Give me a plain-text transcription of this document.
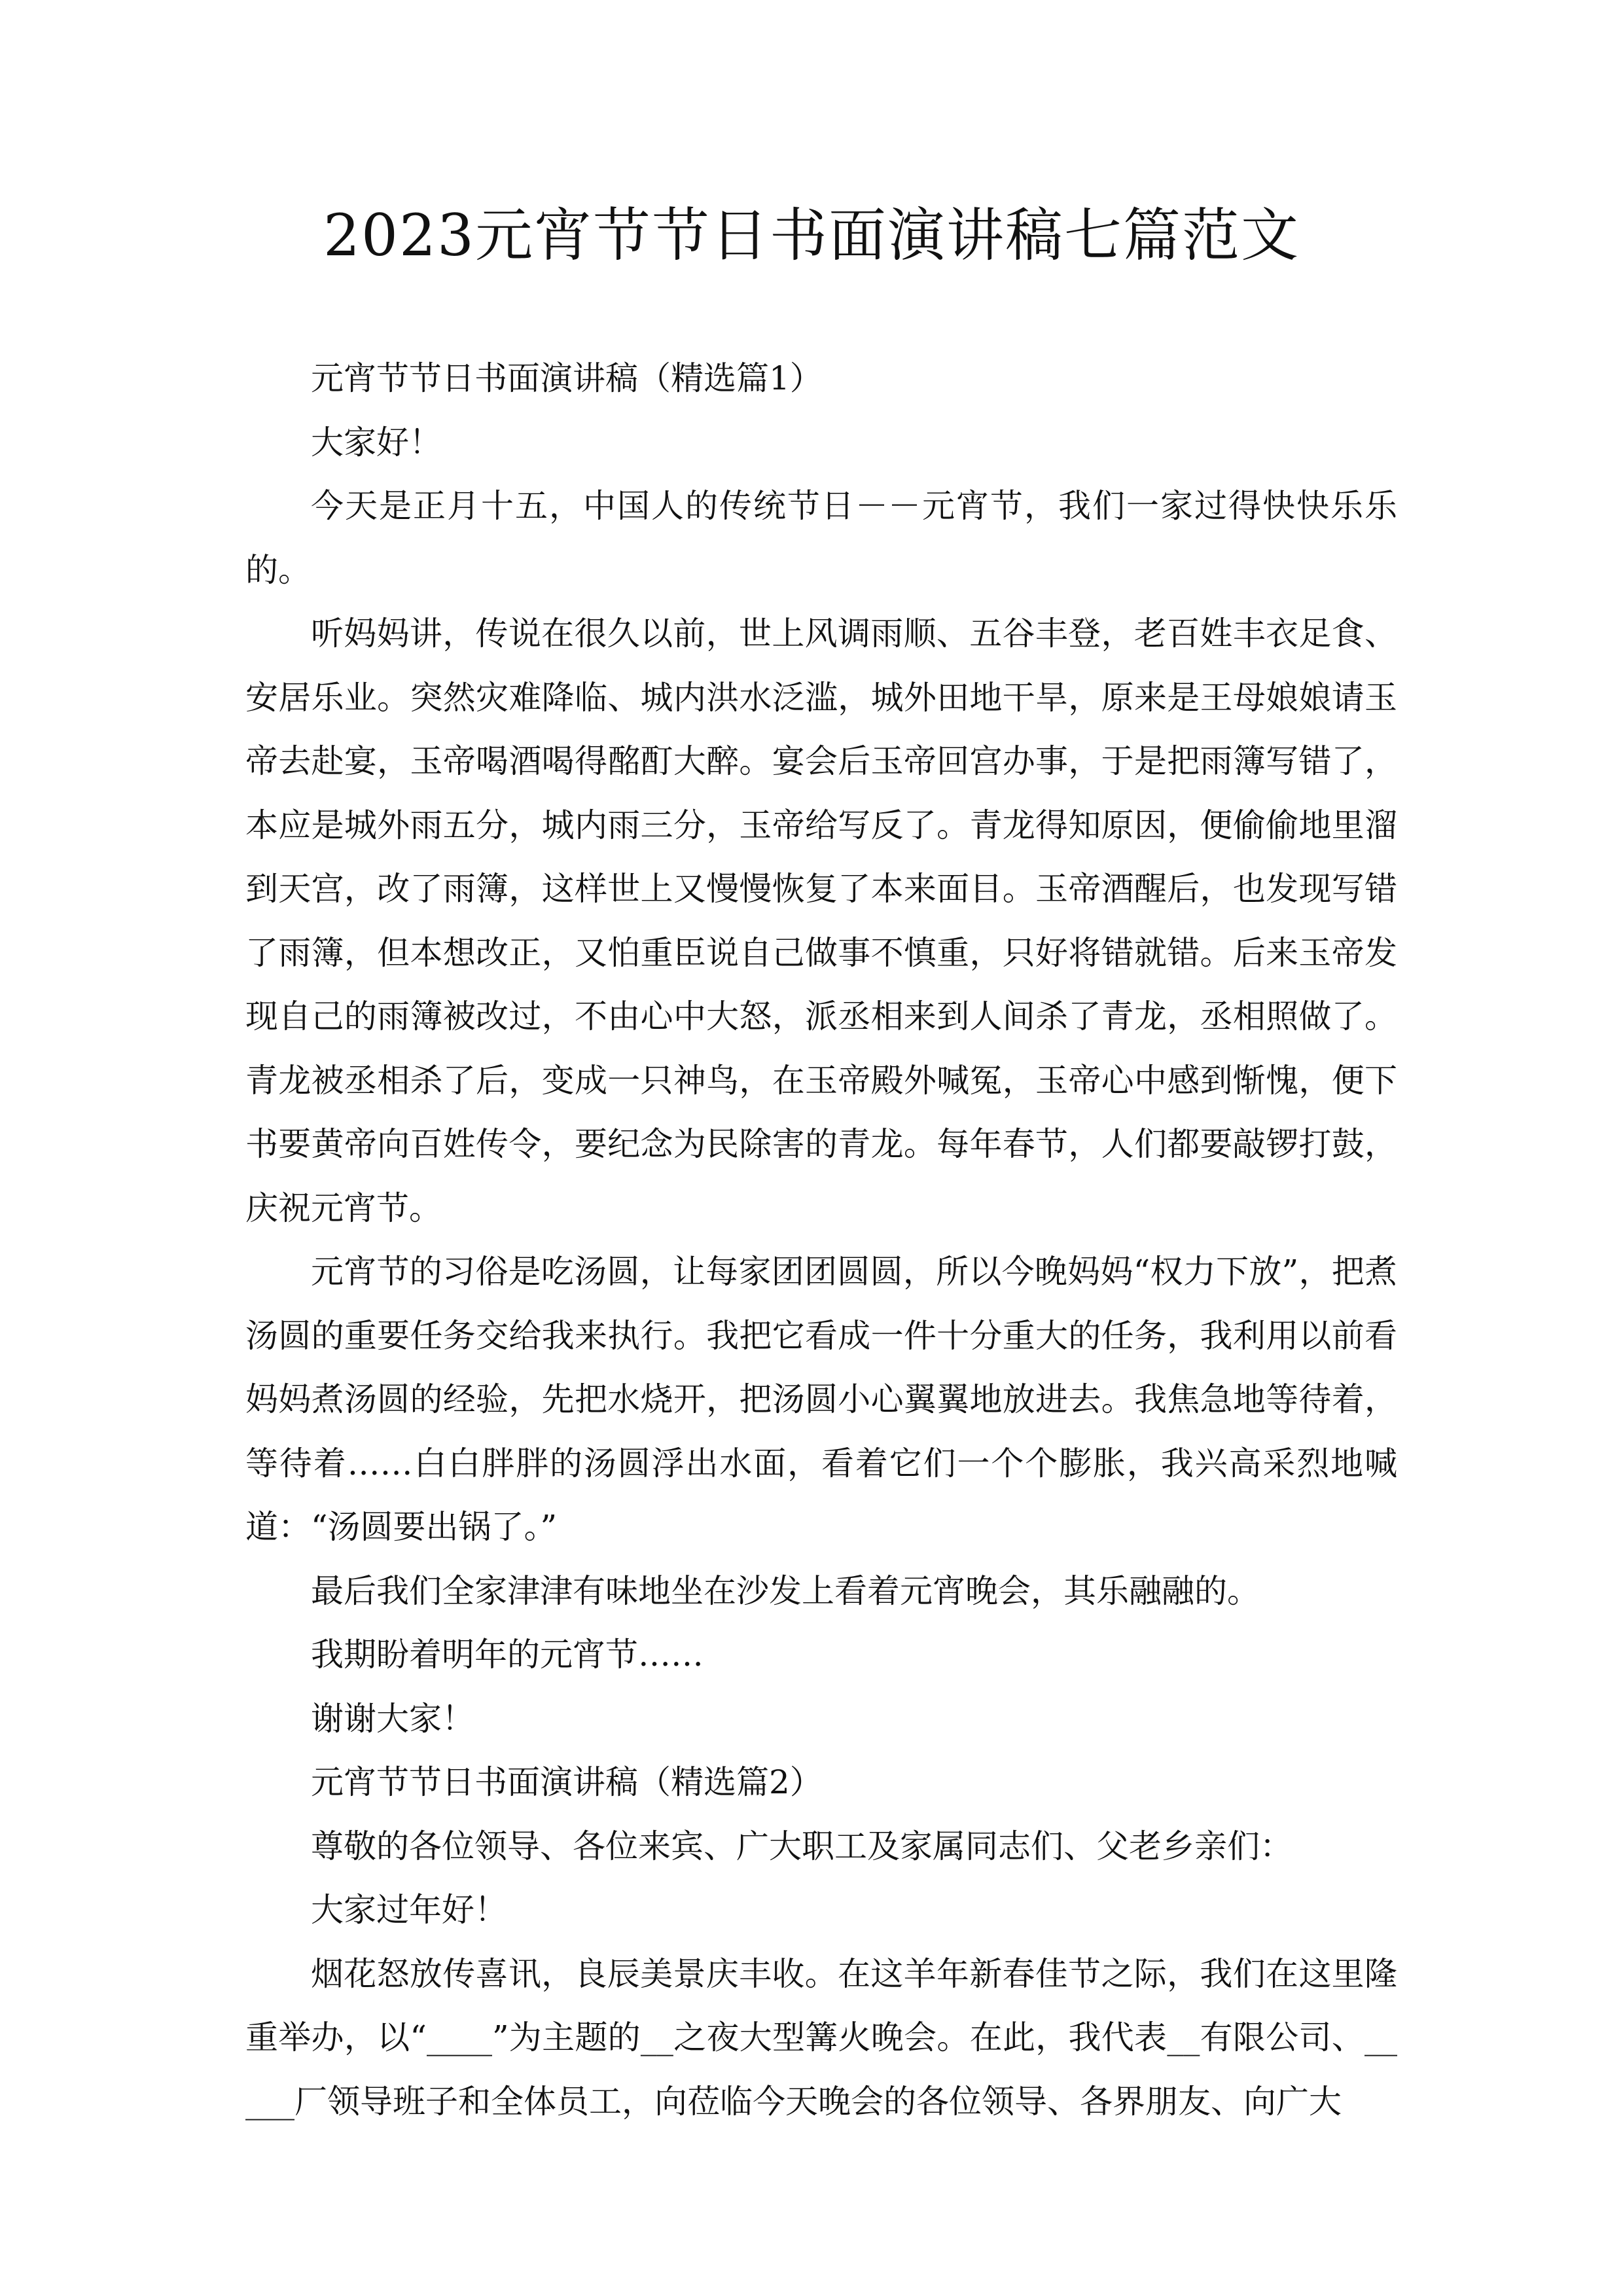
2023元宵节节日书面演讲稿七篇范文

元宵节节日书面演讲稿（精选篇1）

大家好！

今天是正月十五，中国人的传统节日－－元宵节，我们一家过得快快乐乐的。

听妈妈讲，传说在很久以前，世上风调雨顺、五谷丰登，老百姓丰衣足食、安居乐业。突然灾难降临、城内洪水泛滥，城外田地干旱，原来是王母娘娘请玉帝去赴宴，玉帝喝酒喝得酩酊大醉。宴会后玉帝回宫办事，于是把雨簿写错了，本应是城外雨五分，城内雨三分，玉帝给写反了。青龙得知原因，便偷偷地里溜到天宫，改了雨簿，这样世上又慢慢恢复了本来面目。玉帝酒醒后，也发现写错了雨簿，但本想改正，又怕重臣说自己做事不慎重，只好将错就错。后来玉帝发现自己的雨簿被改过，不由心中大怒，派丞相来到人间杀了青龙，丞相照做了。青龙被丞相杀了后，变成一只神鸟，在玉帝殿外喊冤，玉帝心中感到惭愧，便下书要黄帝向百姓传令，要纪念为民除害的青龙。每年春节，人们都要敲锣打鼓，庆祝元宵节。

元宵节的习俗是吃汤圆，让每家团团圆圆，所以今晚妈妈“权力下放”，把煮汤圆的重要任务交给我来执行。我把它看成一件十分重大的任务，我利用以前看妈妈煮汤圆的经验，先把水烧开，把汤圆小心翼翼地放进去。我焦急地等待着，等待着……白白胖胖的汤圆浮出水面，看着它们一个个膨胀，我兴高采烈地喊道：“汤圆要出锅了。”

最后我们全家津津有味地坐在沙发上看着元宵晚会，其乐融融的。

我期盼着明年的元宵节……

谢谢大家！

元宵节节日书面演讲稿（精选篇2）

尊敬的各位领导、各位来宾、广大职工及家属同志们、父老乡亲们：

大家过年好！

烟花怒放传喜讯，良辰美景庆丰收。在这羊年新春佳节之际，我们在这里隆重举办，以“____”为主题的__之夜大型篝火晚会。在此，我代表__有限公司、_____厂领导班子和全体员工，向莅临今天晚会的各位领导、各界朋友、向广大
